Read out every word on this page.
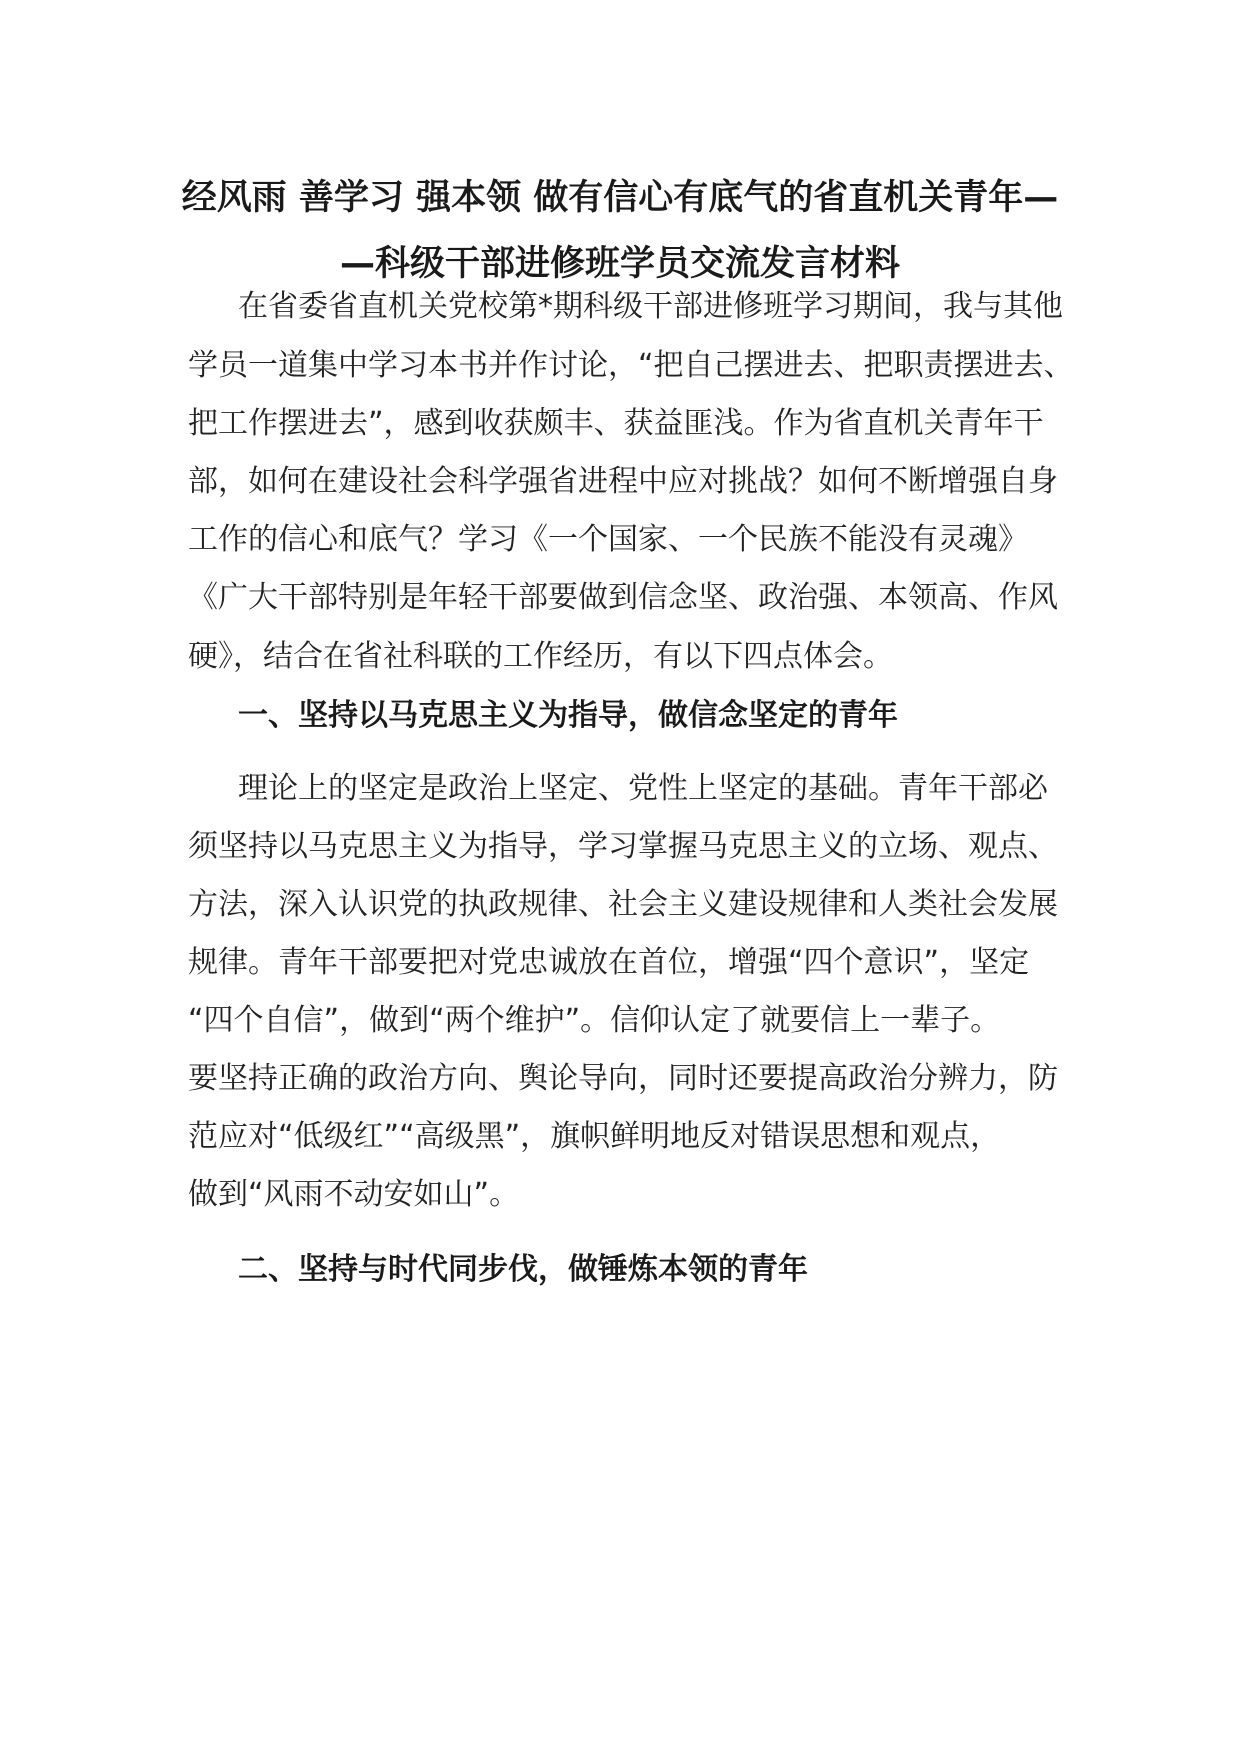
经风雨 善学习 强本领 做有信心有底气的省直机关青年—
—科级干部进修班学员交流发言材料
在省委省直机关党校第*期科级干部进修班学习期间，我与其他
学员一道集中学习本书并作讨论，“把自己摆进去、把职责摆进去、
把工作摆进去”，感到收获颇丰、获益匪浅。作为省直机关青年干
部，如何在建设社会科学强省进程中应对挑战？如何不断增强自身
工作的信心和底气？学习《一个国家、一个民族不能没有灵魂》
《广大干部特别是年轻干部要做到信念坚、政治强、本领高、作风
硬》，结合在省社科联的工作经历，有以下四点体会。
一、坚持以马克思主义为指导，做信念坚定的青年
理论上的坚定是政治上坚定、党性上坚定的基础。青年干部必
须坚持以马克思主义为指导，学习掌握马克思主义的立场、观点、
方法，深入认识党的执政规律、社会主义建设规律和人类社会发展
规律。青年干部要把对党忠诚放在首位，增强“四个意识”，坚定
“四个自信”，做到“两个维护”。信仰认定了就要信上一辈子。
要坚持正确的政治方向、舆论导向，同时还要提高政治分辨力，防
范应对“低级红”“高级黑”，旗帜鲜明地反对错误思想和观点，
做到“风雨不动安如山”。
二、坚持与时代同步伐，做锤炼本领的青年
